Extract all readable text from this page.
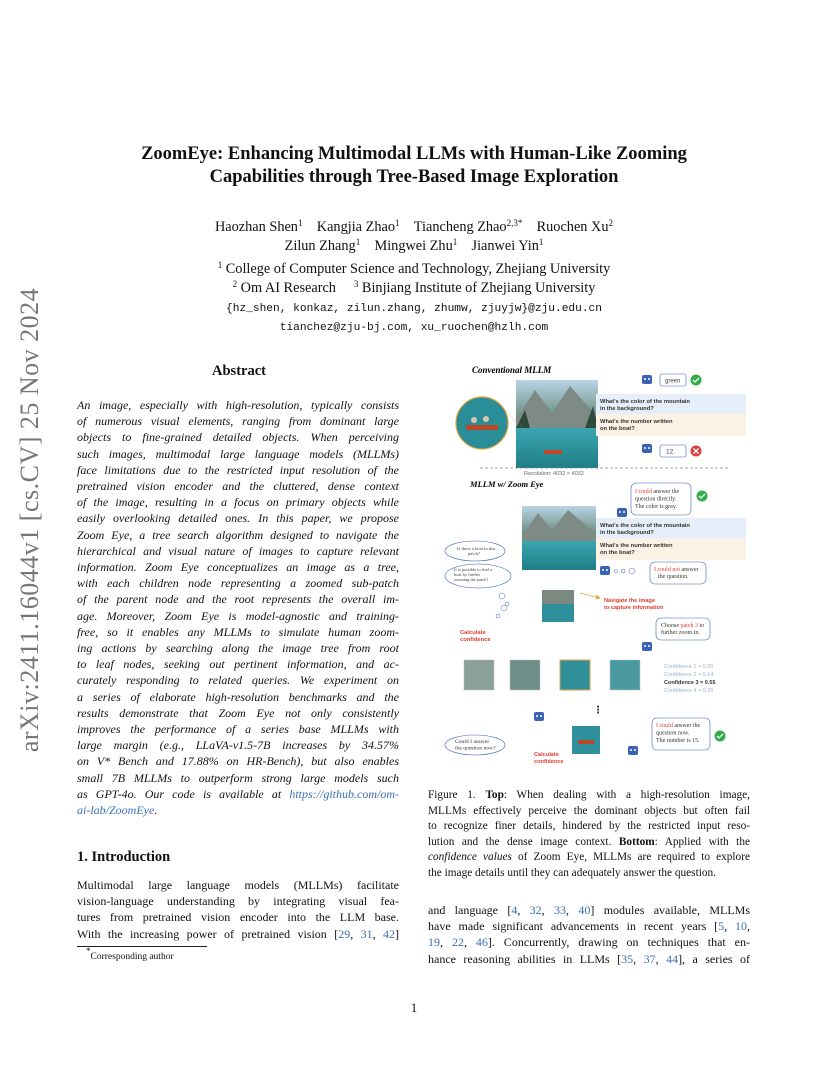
arXiv:2411.16044v1 [cs.CV] 25 Nov 2024
ZoomEye: Enhancing Multimodal LLMs with Human-Like Zooming
Capabilities through Tree-Based Image Exploration
Haozhan Shen$^1$ Kangjia Zhao$^1$ Tiancheng Zhao$^{2,3*}$ Ruochen Xu$^2$
Zilun Zhang$^1$ Mingwei Zhu$^1$ Jianwei Yin$^1$
$^1$ College of Computer Science and Technology, Zhejiang University
$^2$ Om AI Research $^3$ Binjiang Institute of Zhejiang University
{hz_shen, konkaz, zilun.zhang, zhumw, zjuyjw}@zju.edu.cn
tianchez@zju-bj.com, xu_ruochen@hzlh.com
Abstract
An image, especially with high-resolution, typically consists
of numerous visual elements, ranging from dominant large
objects to fine-grained detailed objects. When perceiving
such images, multimodal large language models (MLLMs)
face limitations due to the restricted input resolution of the
pretrained vision encoder and the cluttered, dense context
of the image, resulting in a focus on primary objects while
easily overlooking detailed ones. In this paper, we propose
Zoom Eye, a tree search algorithm designed to navigate the
hierarchical and visual nature of images to capture relevant
information. Zoom Eye conceptualizes an image as a tree,
with each children node representing a zoomed sub-patch
of the parent node and the root represents the overall im-
age. Moreover, Zoom Eye is model-agnostic and training-
free, so it enables any MLLMs to simulate human zoom-
ing actions by searching along the image tree from root
to leaf nodes, seeking out pertinent information, and ac-
curately responding to related queries. We experiment on
a series of elaborate high-resolution benchmarks and the
results demonstrate that Zoom Eye not only consistently
improves the performance of a series base MLLMs with
large margin (e.g., LLaVA-v1.5-7B increases by 34.57%
on V* Bench and 17.88% on HR-Bench), but also enables
small 7B MLLMs to outperform strong large models such
as GPT-4o. Our code is available at https://github.com/om-
ai-lab/ZoomEye.
1. Introduction
Multimodal large language models (MLLMs) facilitate
vision-language understanding by integrating visual fea-
tures from pretrained vision encoder into the LLM base.
With the increasing power of pretrained vision [29, 31, 42]
*Corresponding author
and language [4, 32, 33, 40] modules available, MLLMs
have made significant advancements in recent years [5, 10,
19, 22, 46]. Concurrently, drawing on techniques that en-
hance reasoning abilities in LLMs [35, 37, 44], a series of
Figure 1. Top: When dealing with a high-resolution image,
MLLMs effectively perceive the dominant objects but often fail
to recognize finer details, hindered by the restricted input reso-
lution and the dense image context. Bottom: Applied with the
confidence values of Zoom Eye, MLLMs are required to explore
the image details until they can adequately answer the question.
1
Conventional MLLM
Resolution: 4032 × 4032
green
What's the color of the mountain in the background?
What's the number written on the boat?
12.
MLLM w/ Zoom Eye
I could answer the question directly. The color is gray.
What's the color of the mountain in the background?
What's the number written on the boat?
Is there a boat in this patch?
It is possible to find a boat by further zooming the patch?
I could not answer the question.
Navigate the image to capture information
Calculate confidence
Choose patch 3 to further zoom in.
Confidence 1 = 0.05
Confidence 2 = 0.14
Confidence 3 = 0.55
Confidence 4 = 0.26
⋮
Could I answer the question now?
Calculate confidence
I could answer the question now. The number is 15.
